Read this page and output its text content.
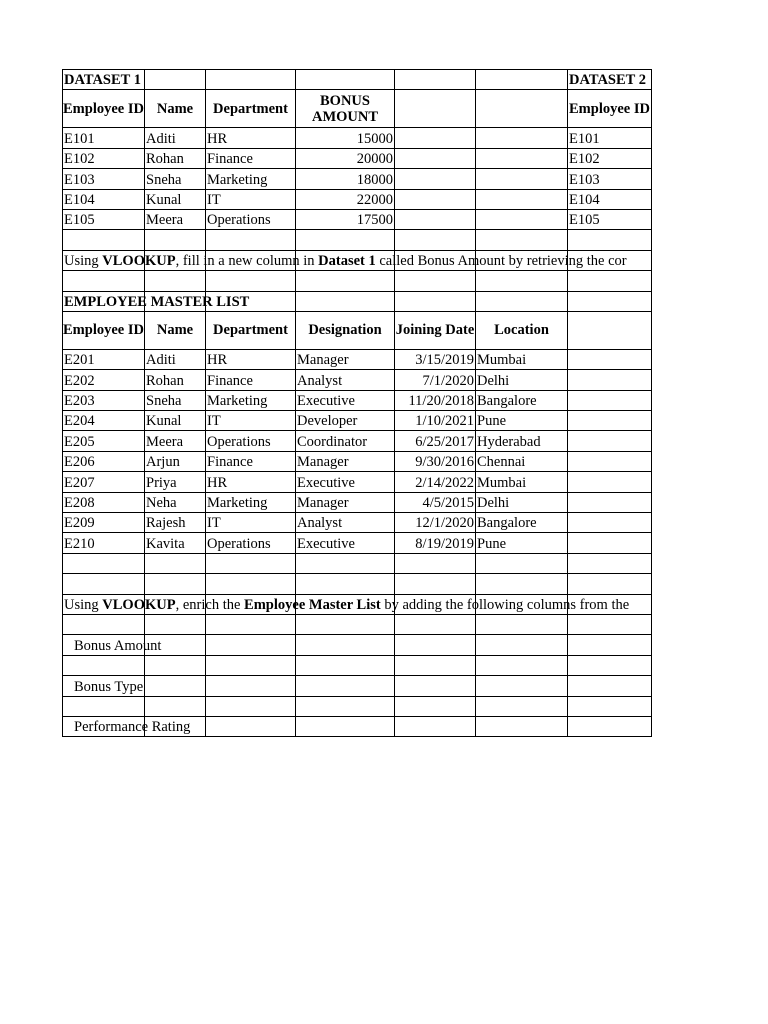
DATASET 1						DATASET 2
Employee ID	Name	Department	BONUS AMOUNT			Employee ID
E101	Aditi	HR	15000			E101
E102	Rohan	Finance	20000			E102
E103	Sneha	Marketing	18000			E103
E104	Kunal	IT	22000			E104
E105	Meera	Operations	17500			E105

Using VLOOKUP, fill in a new column in Dataset 1 called Bonus Amount by retrieving the cor						

EMPLOYEE MASTER LIST						
Employee ID	Name	Department	Designation	Joining Date	Location	
E201	Aditi	HR	Manager	3/15/2019	Mumbai	
E202	Rohan	Finance	Analyst	7/1/2020	Delhi	
E203	Sneha	Marketing	Executive	11/20/2018	Bangalore	
E204	Kunal	IT	Developer	1/10/2021	Pune	
E205	Meera	Operations	Coordinator	6/25/2017	Hyderabad	
E206	Arjun	Finance	Manager	9/30/2016	Chennai	
E207	Priya	HR	Executive	2/14/2022	Mumbai	
E208	Neha	Marketing	Manager	4/5/2015	Delhi	
E209	Rajesh	IT	Analyst	12/1/2020	Bangalore	
E210	Kavita	Operations	Executive	8/19/2019	Pune	

Using VLOOKUP, enrich the Employee Master List by adding the following columns from the						

Bonus Amount						

Bonus Type						

Performance Rating						
